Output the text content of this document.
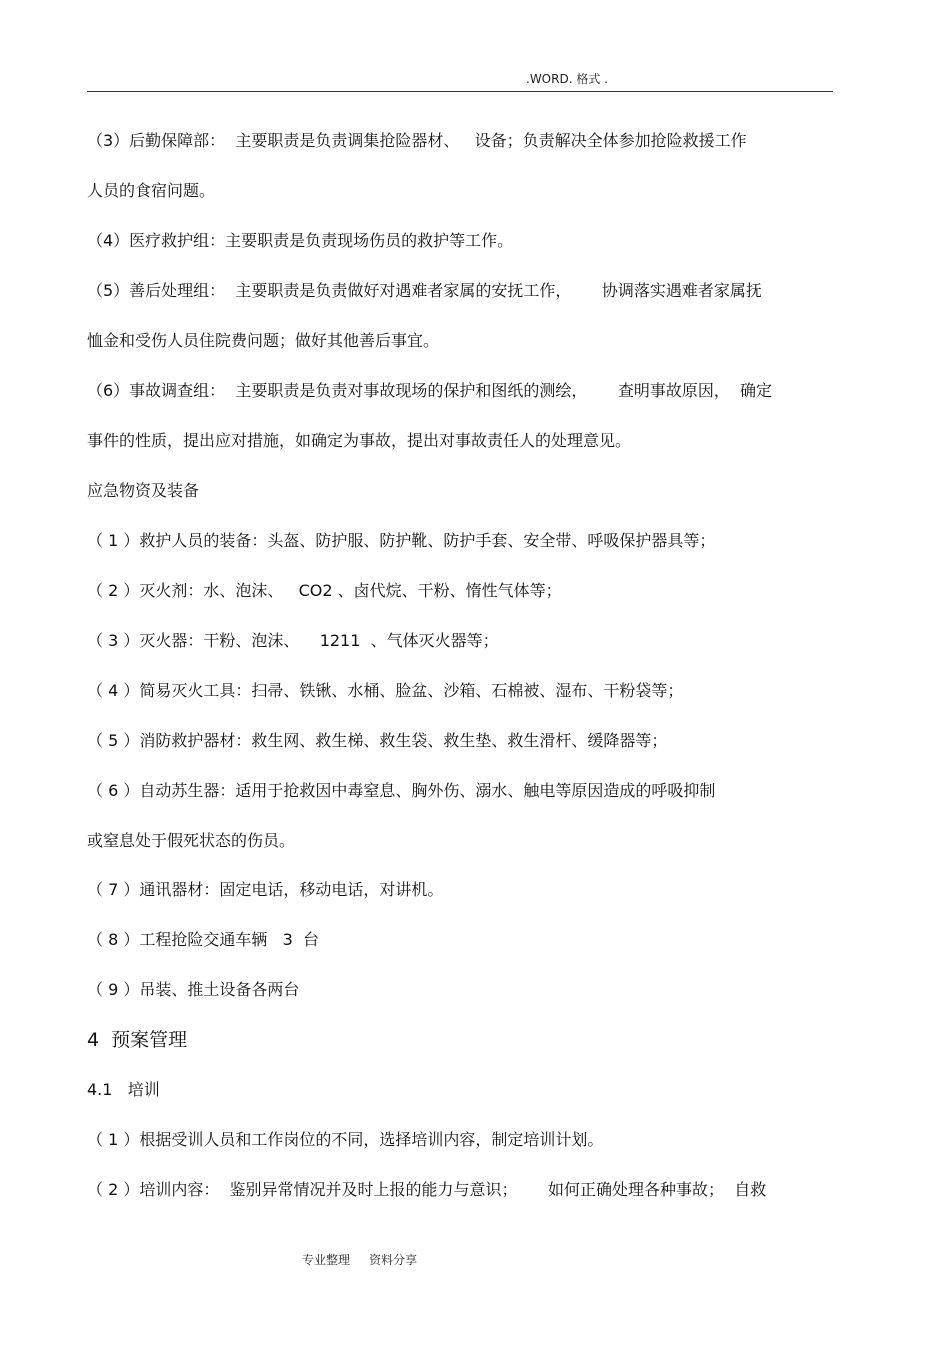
.WORD. 格式 .
（3）后勤保障部：  主要职责是负责调集抢险器材、   设备；负责解决全体参加抢险救援工作
人员的食宿问题。
（4）医疗救护组：主要职责是负责现场伤员的救护等工作。
（5）善后处理组：  主要职责是负责做好对遇难者家属的安抚工作，      协调落实遇难者家属抚
恤金和受伤人员住院费问题；做好其他善后事宜。
（6）事故调查组：  主要职责是负责对事故现场的保护和图纸的测绘，      查明事故原因，  确定
事件的性质，提出应对措施，如确定为事故，提出对事故责任人的处理意见。
应急物资及装备
（ 1 ）救护人员的装备：头盔、防护服、防护靴、防护手套、安全带、呼吸保护器具等；
（ 2 ）灭火剂：水、泡沫、   CO2 、卤代烷、干粉、惰性气体等；
（ 3 ）灭火器：干粉、泡沫、    1211  、气体灭火器等；
（ 4 ）简易灭火工具：扫帚、铁锹、水桶、脸盆、沙箱、石棉被、湿布、干粉袋等；
（ 5 ）消防救护器材：救生网、救生梯、救生袋、救生垫、救生滑杆、缓降器等；
（ 6 ）自动苏生器：适用于抢救因中毒窒息、胸外伤、溺水、触电等原因造成的呼吸抑制
或窒息处于假死状态的伤员。
（ 7 ）通讯器材：固定电话，移动电话，对讲机。
（ 8 ）工程抢险交通车辆   3  台
（ 9 ）吊装、推土设备各两台
4  预案管理
4.1   培训
（ 1 ）根据受训人员和工作岗位的不同，选择培训内容，制定培训计划。
（ 2 ）培训内容：  鉴别异常情况并及时上报的能力与意识；      如何正确处理各种事故；  自救
专业整理     资料分享
